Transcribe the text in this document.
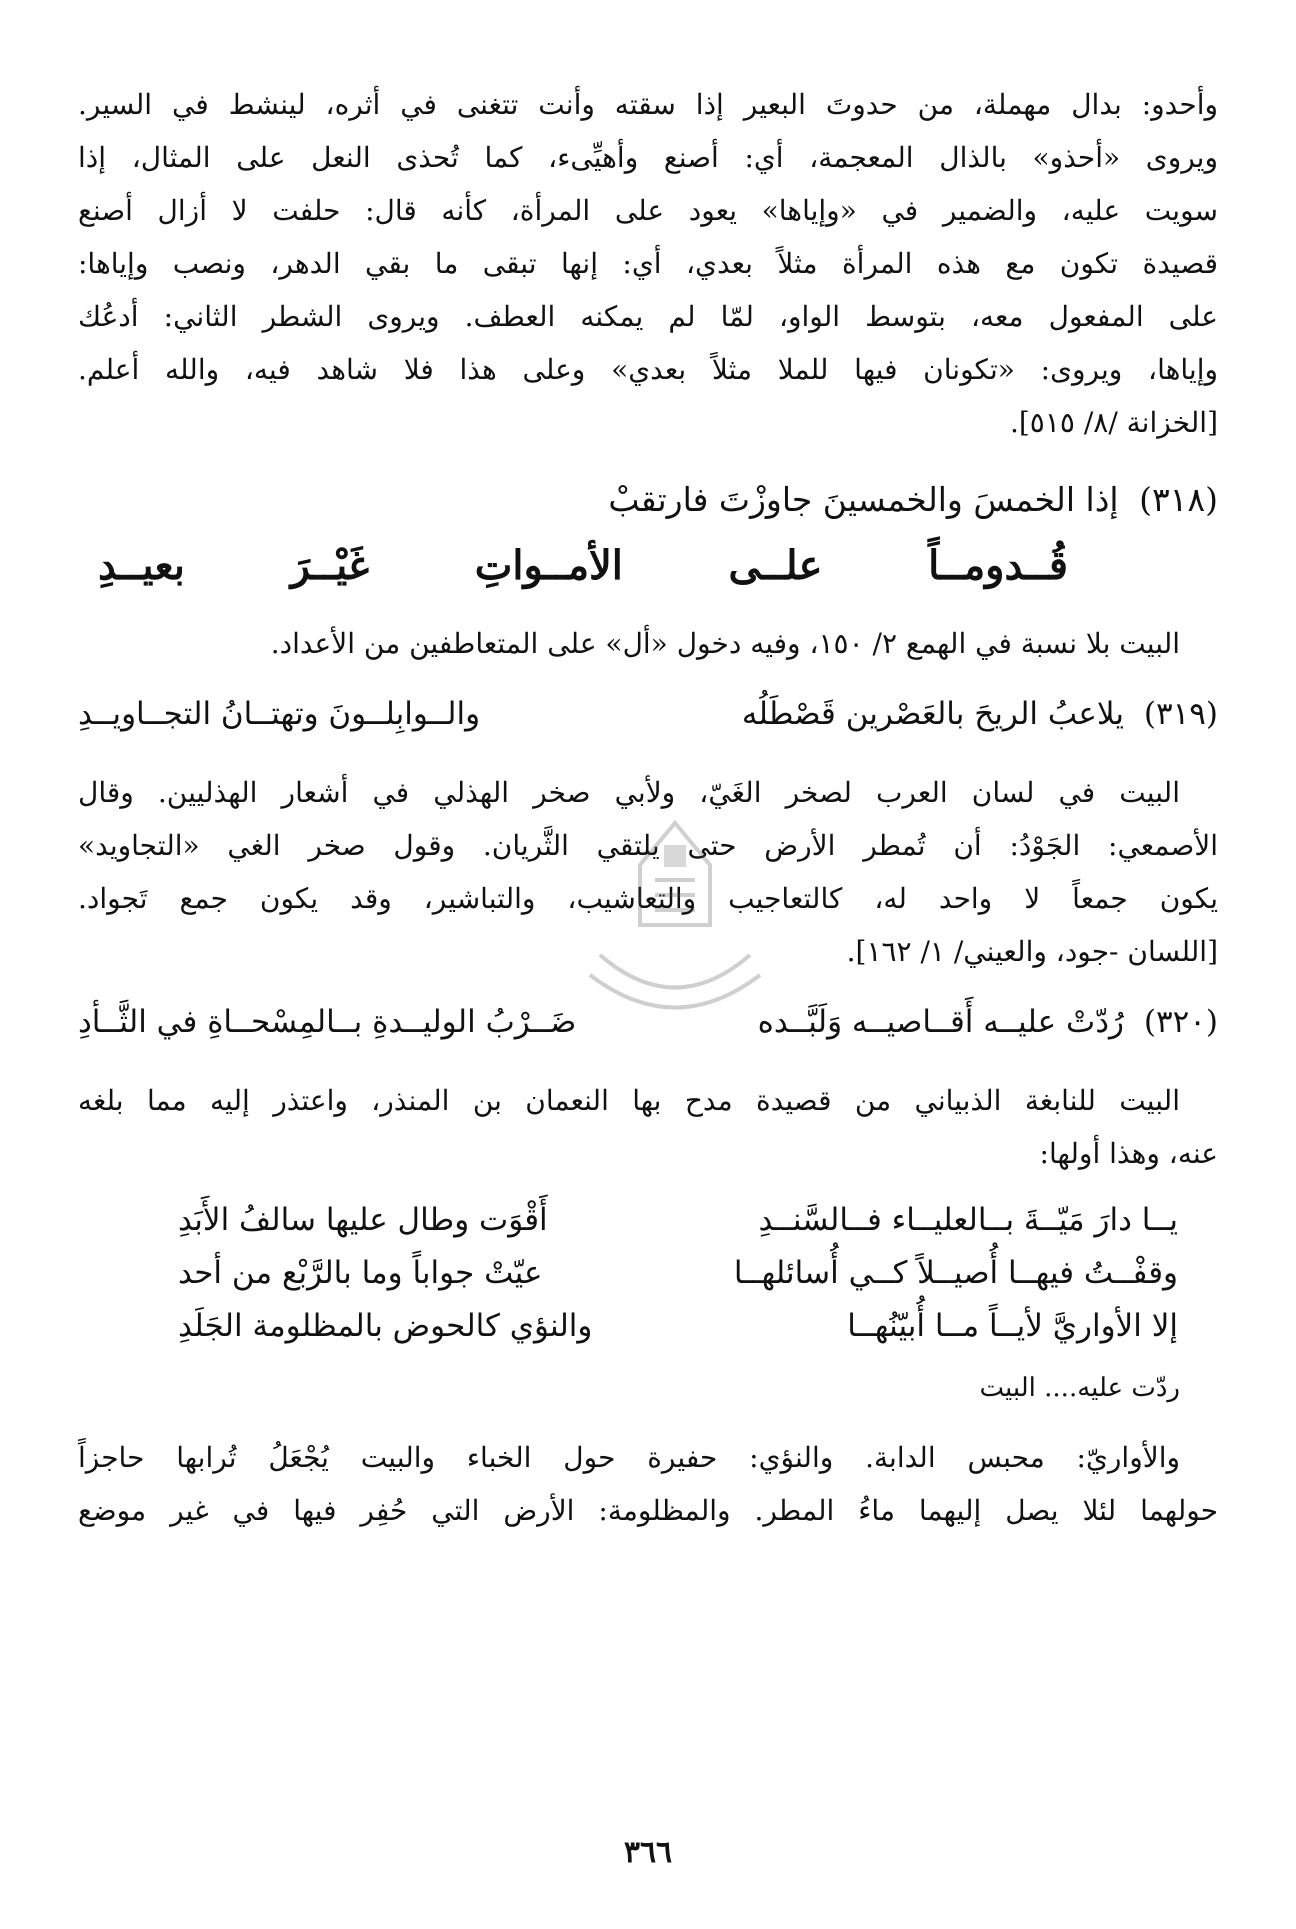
وأحدو: بدال مهملة، من حدوتَ البعير إذا سقته وأنت تتغنى في أثره، لينشط في السير.
ويروى «أحذو» بالذال المعجمة، أي: أصنع وأهيِّىء، كما تُحذى النعل على المثال، إذا
سويت عليه، والضمير في «وإياها» يعود على المرأة، كأنه قال: حلفت لا أزال أصنع
قصيدة تكون مع هذه المرأة مثلاً بعدي، أي: إنها تبقى ما بقي الدهر، ونصب وإياها:
على المفعول معه، بتوسط الواو، لمّا لم يمكنه العطف. ويروى الشطر الثاني: أدعُك
وإياها، ويروى: «تكونان فيها للملا مثلاً بعدي» وعلى هذا فلا شاهد فيه، والله أعلم.
[الخزانة /٨/ ٥١٥].
(٣١٨) إذا الخمسَ والخمسينَ جاوزْتَ فارتقبْ
قُــدومــاً علــى الأمــواتِ غَيْــرَ بعيــدِ
البيت بلا نسبة في الهمع ٢/ ١٥٠، وفيه دخول «أل» على المتعاطفين من الأعداد.
(٣١٩) يلاعبُ الريحَ بالعَصْرين قَصْطَلُه
والــوابِلــونَ وتهتــانُ التجــاويــدِ
البيت في لسان العرب لصخر الغَيّ، ولأبي صخر الهذلي في أشعار الهذليين. وقال
الأصمعي: الجَوْدُ: أن تُمطر الأرض حتى يلتقي الثَّريان. وقول صخر الغي «التجاويد»
يكون جمعاً لا واحد له، كالتعاجيب والتعاشيب، والتباشير، وقد يكون جمع تَجواد.
[اللسان -جود، والعيني/ ١/ ١٦٢].
(٣٢٠) رُدّتْ عليــه أَقــاصيــه وَلَبَّــده
ضَــرْبُ الوليــدةِ بــالمِسْحــاةِ في الثَّــأدِ
البيت للنابغة الذبياني من قصيدة مدح بها النعمان بن المنذر، واعتذر إليه مما بلغه
عنه، وهذا أولها:
يــا دارَ مَيّــةَ بــالعليــاء فــالسَّنــدِ
أَقْوَت وطال عليها سالفُ الأَبَدِ
وقفْــتُ فيهــا أُصيــلاً كــي أُسائلهــا
عيّتْ جواباً وما بالرَّبْع من أحد
إلا الأواريَّ لأيــاً مــا أُبيّنُهــا
والنؤي كالحوض بالمظلومة الجَلَدِ
ردّت عليه.... البيت
والأواريّ: محبس الدابة. والنؤي: حفيرة حول الخباء والبيت يُجْعَلُ تُرابها حاجزاً
حولهما لئلا يصل إليهما ماءُ المطر. والمظلومة: الأرض التي حُفِر فيها في غير موضع
٣٦٦
